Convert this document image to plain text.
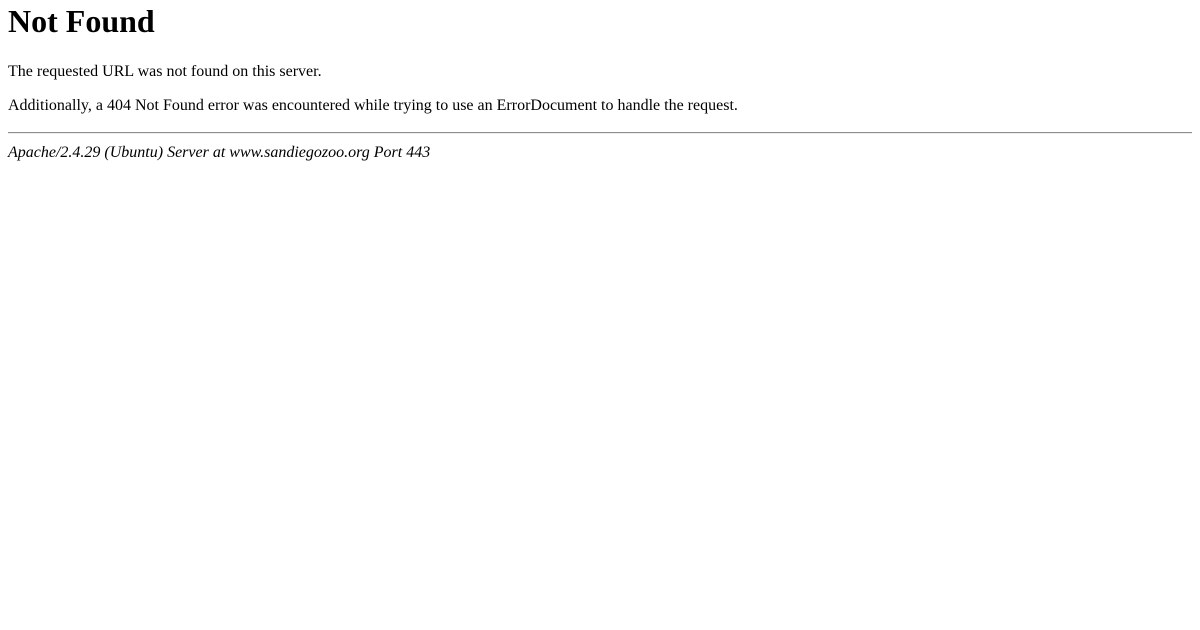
Not Found

The requested URL was not found on this server.

Additionally, a 404 Not Found error was encountered while trying to use an ErrorDocument to handle the request.

Apache/2.4.29 (Ubuntu) Server at www.sandiegozoo.org Port 443
